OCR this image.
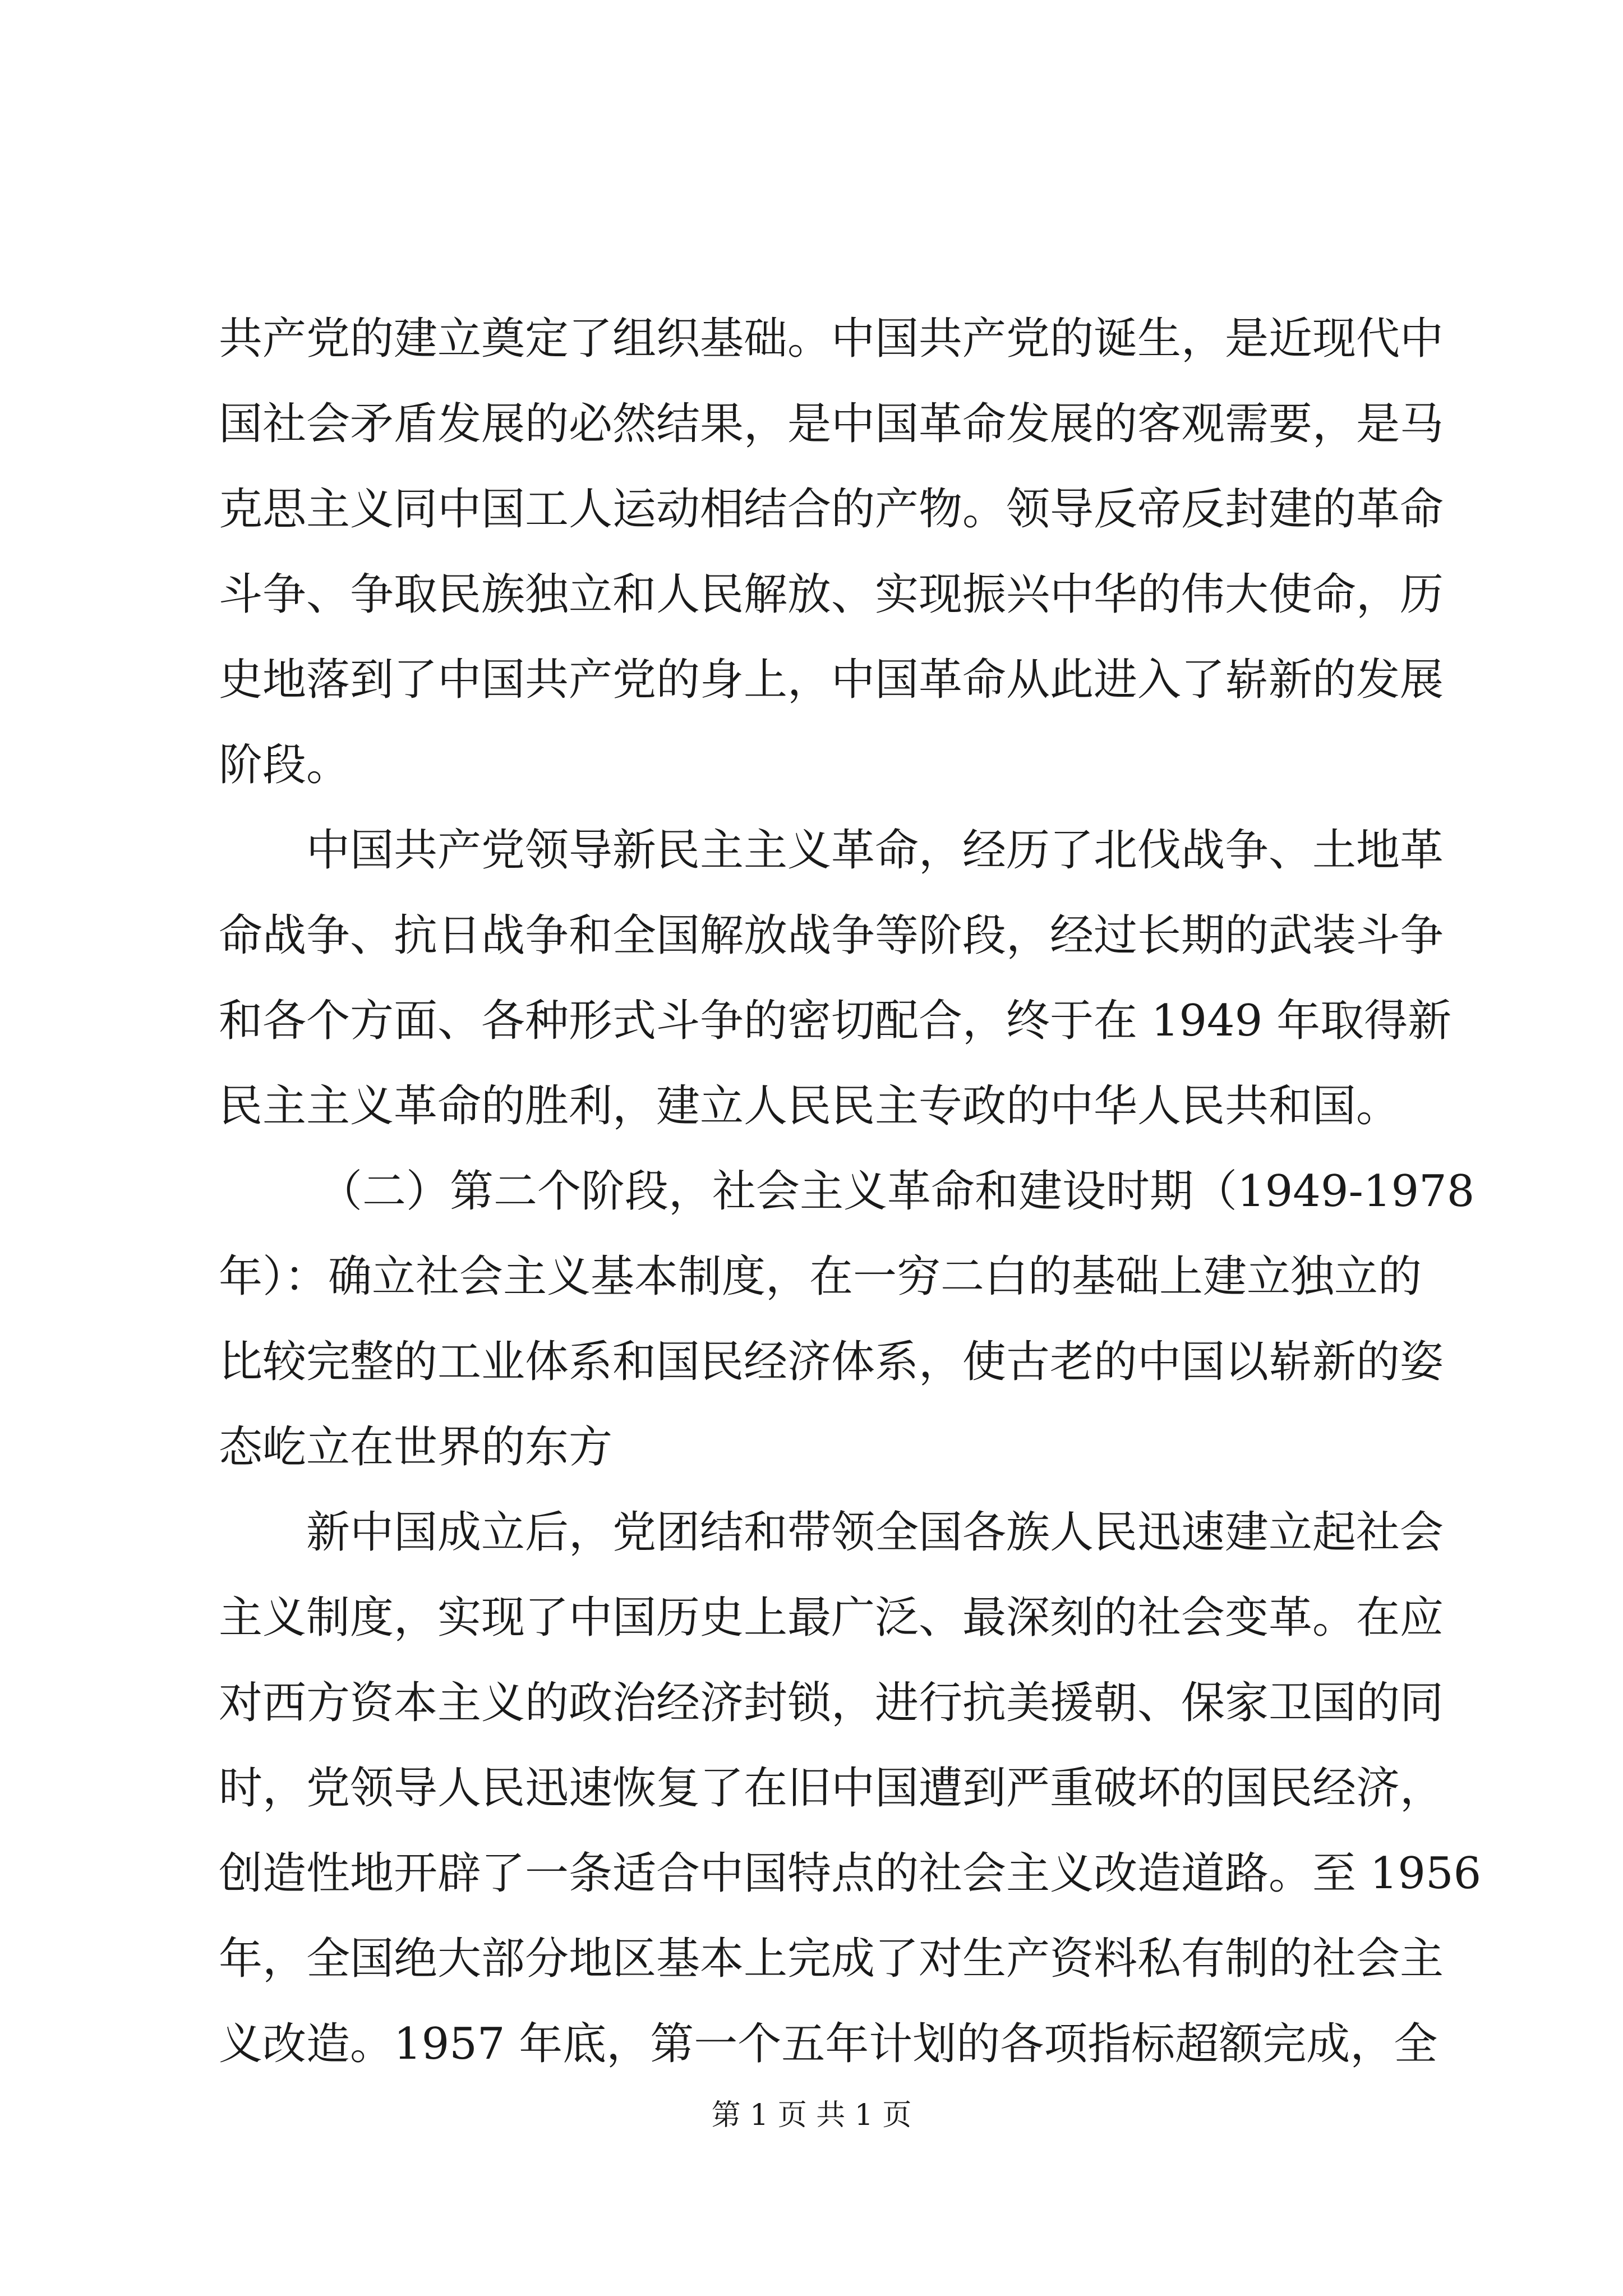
共产党的建立奠定了组织基础。中国共产党的诞生，是近现代中
国社会矛盾发展的必然结果，是中国革命发展的客观需要，是马
克思主义同中国工人运动相结合的产物。领导反帝反封建的革命
斗争、争取民族独立和人民解放、实现振兴中华的伟大使命，历
史地落到了中国共产党的身上，中国革命从此进入了崭新的发展
阶段。
中国共产党领导新民主主义革命，经历了北伐战争、土地革
命战争、抗日战争和全国解放战争等阶段，经过长期的武装斗争
和各个方面、各种形式斗争的密切配合，终于在 1949 年取得新
民主主义革命的胜利，建立人民民主专政的中华人民共和国。
（二）第二个阶段，社会主义革命和建设时期（1949-1978
年）：确立社会主义基本制度，在一穷二白的基础上建立独立的
比较完整的工业体系和国民经济体系，使古老的中国以崭新的姿
态屹立在世界的东方
新中国成立后，党团结和带领全国各族人民迅速建立起社会
主义制度，实现了中国历史上最广泛、最深刻的社会变革。在应
对西方资本主义的政治经济封锁，进行抗美援朝、保家卫国的同
时，党领导人民迅速恢复了在旧中国遭到严重破坏的国民经济，
创造性地开辟了一条适合中国特点的社会主义改造道路。至 1956
年，全国绝大部分地区基本上完成了对生产资料私有制的社会主
义改造。1957 年底，第一个五年计划的各项指标超额完成，全
第 1 页 共 1 页
